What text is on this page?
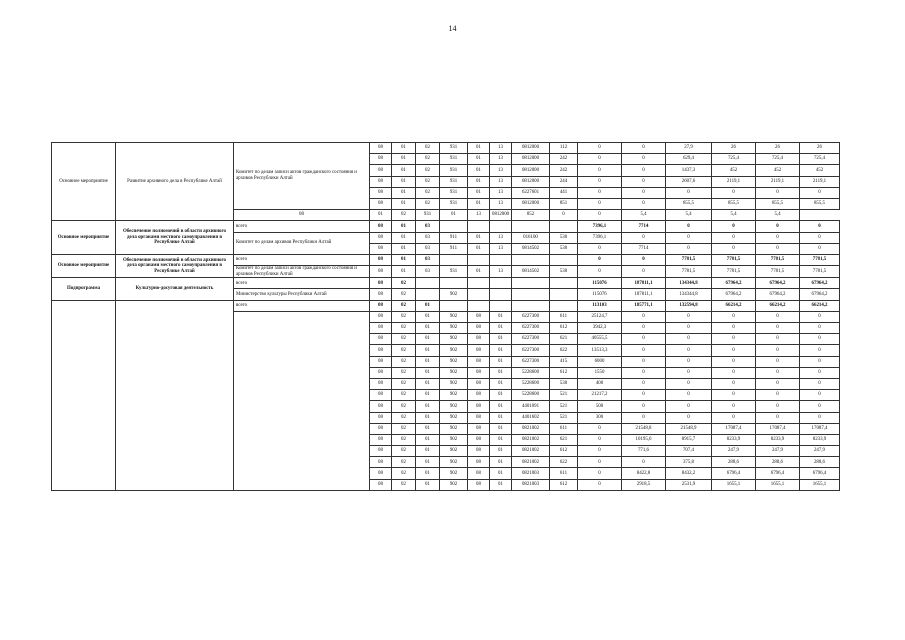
14
Основное мероприятие	Развитие архивного дела в Республике Алтай	Комитет по делам записи актов гражданского состояния и архивов Республики Алтай	08	01	02	931	01	13	0812000	112	0	0	27,9	26	26	26
			08	01	02	931	01	13	0812000	242	0	0	629,4	725,4	725,4	725,4
			08	01	02	931	01	13	0812000	242	0	0	1437,3	452	452	452
			08	01	02	931	01	13	0812000	244	0	0	2607,6	2119,1	2119,1	2119,1
			08	01	02	931	01	13	6227601	441	0	0	0	0	0	0
			08	01	02	931	01	13	0812000	851	0	0	855,5	855,5	855,5	855,5
		08	01	02	931	01	13	0812000	852	0	0	5,4	5,4	5,4	5,4	
Основное мероприятие	Обеспечение полномочий в области архивного дела органами местного самоуправления в Республике Алтай	всего	08	01	03						7396,1	7714	0	0	0	0
		Комитет по делам архивов Республики Алтай	08	01	03	911	01	13	016100	530	7396,1	0	0	0	0	0
			08	01	03	911	01	13	0814502	530	0	7714	0	0	0	0
Основное мероприятие	Обеспечение полномочий в области архивного дела органами местного самоуправления в Республике Алтай	всего	08	01	03						0	0	7781,5	7781,5	7781,5	7781,5
		Комитет по делам записи актов гражданского состояния и архивов Республики Алтай	08	01	03	931	01	13	0814502	530	0	0	7781,5	7781,5	7781,5	7781,5
Подпрограмма	Культурно-досуговая деятельность	всего	08	02							115076	187811,1	134344,8	67964,2	67964,2	67964,2
		Министерство культуры Республики Алтай	08	02		902					115076	187811,1	134344,8	67964,2	67964,2	67964,2
		всего	08	02	01						113103	185771,1	132594,8	66214,2	66214,2	66214,2
			08	02	01	902	08	01	6227300	611	25124,7	0	0	0	0	0
			08	02	01	902	08	01	6227300	612	3942,3	0	0	0	0	0
			08	02	01	902	08	01	6227300	621	40555,5	0	0	0	0	0
			08	02	01	902	08	01	6227300	622	13513,3	0	0	0	0	0
			08	02	01	902	08	01	6227300	415	6000	0	0	0	0	0
			08	02	01	902	08	01	5228600	612	1550	0	0	0	0	0
			08	02	01	902	08	01	5228600	530	400	0	0	0	0	0
			08	02	01	902	08	01	5228600	521	21217,2	0	0	0	0	0
			08	02	01	902	08	01	4401091	521	500	0	0	0	0	0
			08	02	01	902	08	01	4401602	521	300	0	0	0	0	0
			08	02	01	902	08	01	0821002	611	0	21548,8	21548,9	17087,4	17087,4	17087,4
			08	02	01	902	08	01	0821002	621	0	10195,6	8915,7	8233,9	8233,9	8233,9
			08	02	01	902	08	01	0821002	612	0	771,6	707,4	247,9	247,9	247,9
			08	02	01	902	08	01	0821002	622	0	0	375,8	288,6	288,6	288,6
			08	02	01	902	08	01	0821003	611	0	8422,8	8432,2	6796,4	6796,4	6796,4
			08	02	01	902	08	01	0821003	612	0	2918,5	2531,9	1655,1	1655,1	1655,1
